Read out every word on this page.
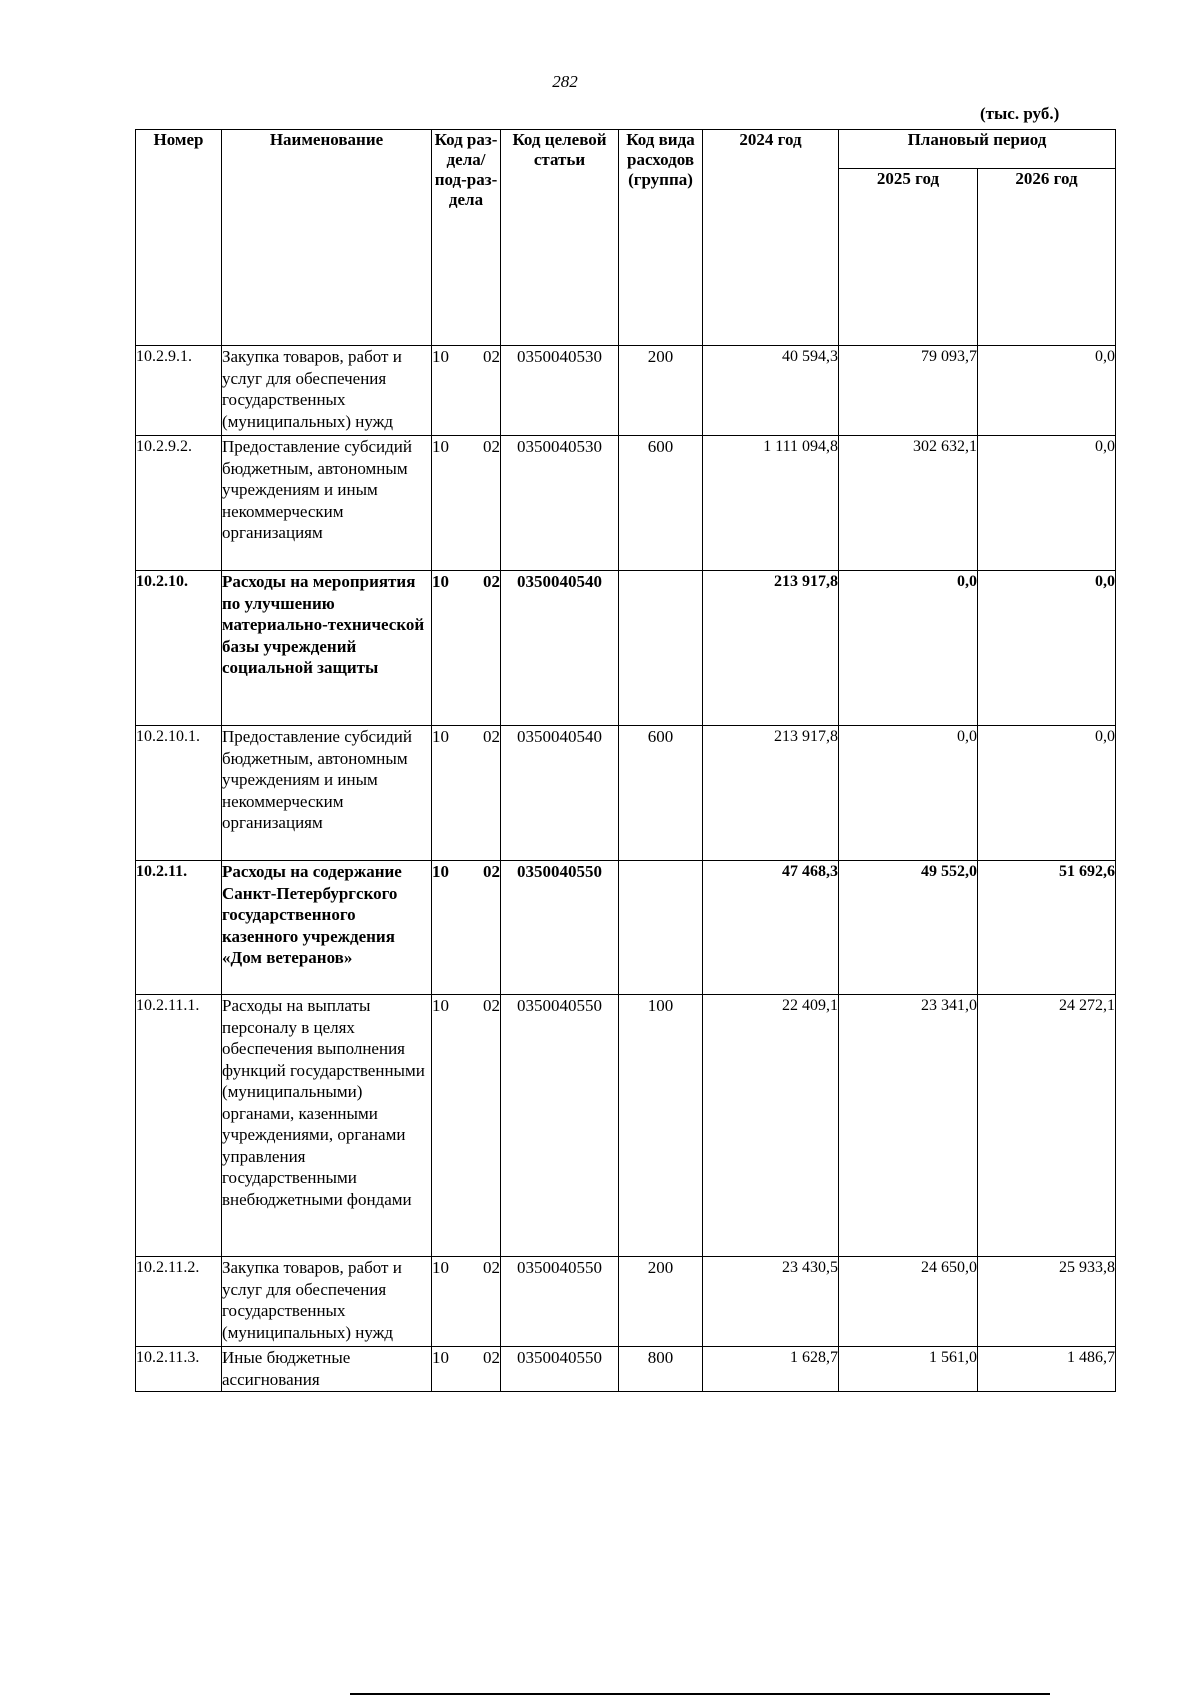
282
(тыс. руб.)
Номер	Наименование	Код раз-дела/ под-раз-дела	Код целевой статьи	Код вида расходов (группа)	2024 год	Плановый период	
						2025 год	2026 год
10.2.9.1.	Закупка товаров, работ и услуг для обеспечения государственных (муниципальных) нужд	10 02	0350040530	200	40 594,3	79 093,7	0,0
10.2.9.2.	Предоставление субсидий бюджетным, автономным учреждениям и иным некоммерческим организациям	10 02	0350040530	600	1 111 094,8	302 632,1	0,0
10.2.10.	Расходы на мероприятия по улучшению материально-технической базы учреждений социальной защиты	10 02	0350040540		213 917,8	0,0	0,0
10.2.10.1.	Предоставление субсидий бюджетным, автономным учреждениям и иным некоммерческим организациям	10 02	0350040540	600	213 917,8	0,0	0,0
10.2.11.	Расходы на содержание Санкт-Петербургского государственного казенного учреждения «Дом ветеранов»	10 02	0350040550		47 468,3	49 552,0	51 692,6
10.2.11.1.	Расходы на выплаты персоналу в целях обеспечения выполнения функций государственными (муниципальными) органами, казенными учреждениями, органами управления государственными внебюджетными фондами	10 02	0350040550	100	22 409,1	23 341,0	24 272,1
10.2.11.2.	Закупка товаров, работ и услуг для обеспечения государственных (муниципальных) нужд	10 02	0350040550	200	23 430,5	24 650,0	25 933,8
10.2.11.3.	Иные бюджетные ассигнования	10 02	0350040550	800	1 628,7	1 561,0	1 486,7
